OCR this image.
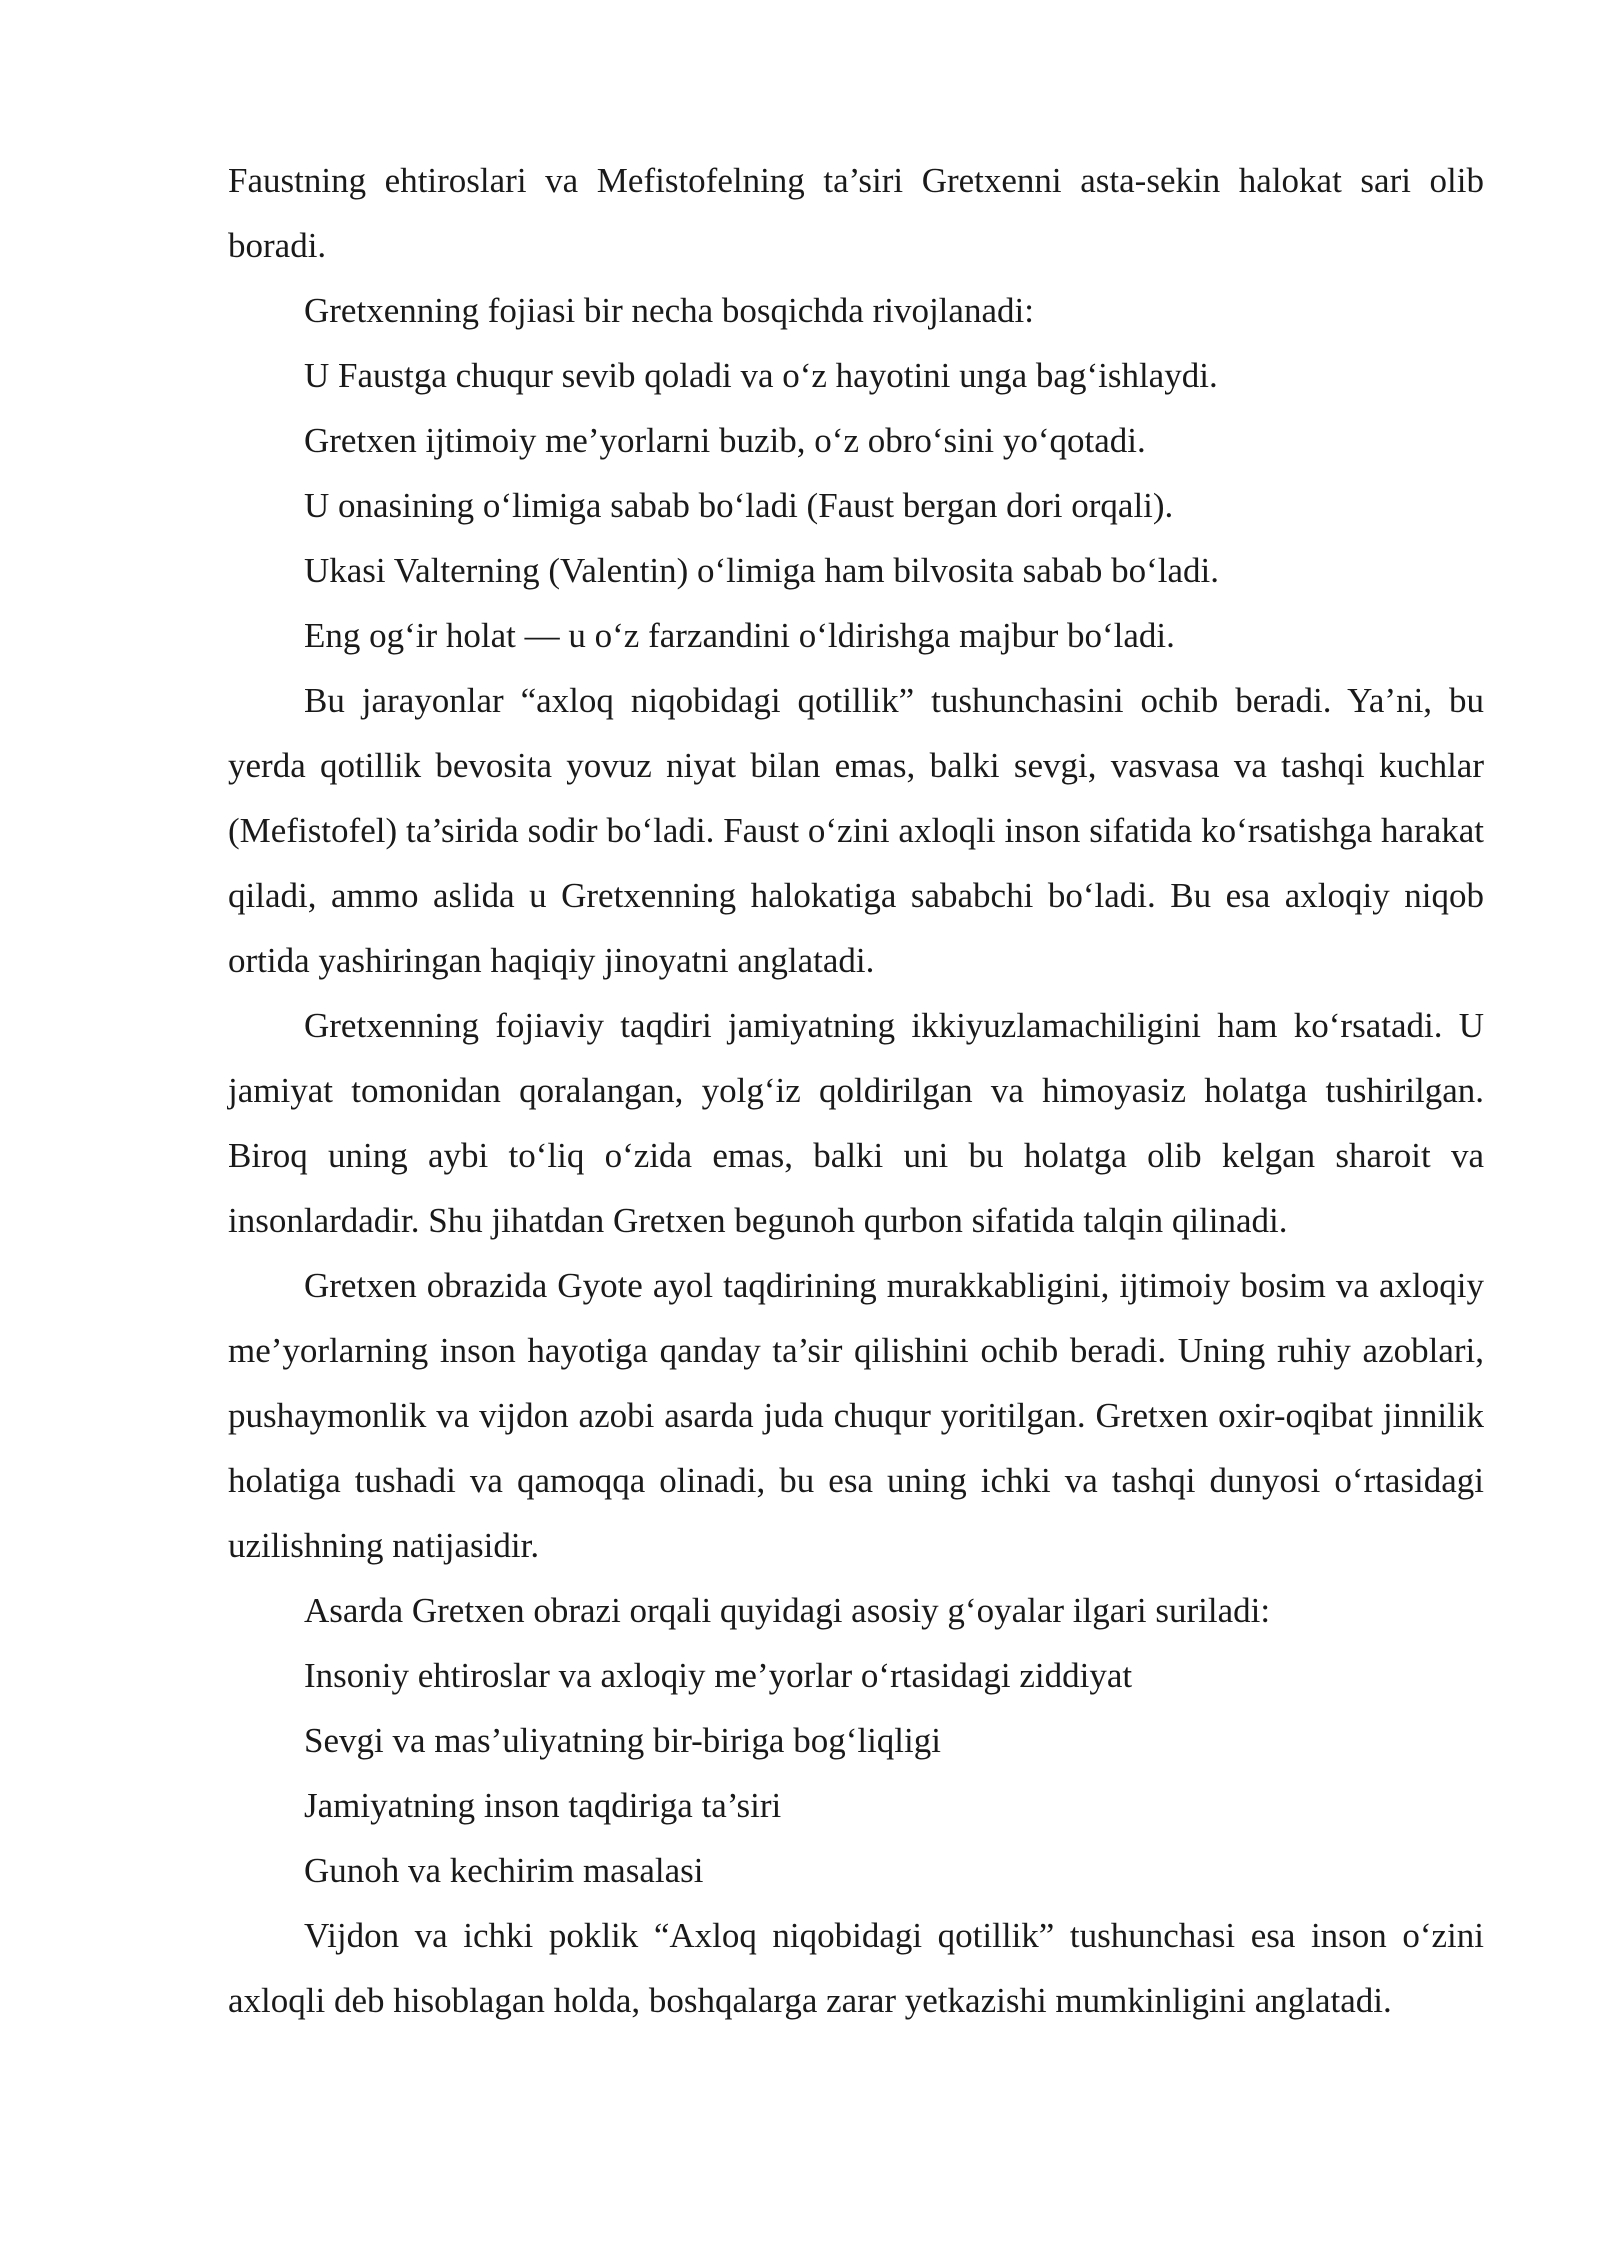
Faustning ehtiroslari va Mefistofelning ta’siri Gretxenni asta-sekin halokat sari olib boradi.

Gretxenning fojiasi bir necha bosqichda rivojlanadi:

U Faustga chuqur sevib qoladi va o‘z hayotini unga bag‘ishlaydi.

Gretxen ijtimoiy me’yorlarni buzib, o‘z obro‘sini yo‘qotadi.

U onasining o‘limiga sabab bo‘ladi (Faust bergan dori orqali).

Ukasi Valterning (Valentin) o‘limiga ham bilvosita sabab bo‘ladi.

Eng og‘ir holat — u o‘z farzandini o‘ldirishga majbur bo‘ladi.

Bu jarayonlar “axloq niqobidagi qotillik” tushunchasini ochib beradi. Ya’ni, bu yerda qotillik bevosita yovuz niyat bilan emas, balki sevgi, vasvasa va tashqi kuchlar (Mefistofel) ta’sirida sodir bo‘ladi. Faust o‘zini axloqli inson sifatida ko‘rsatishga harakat qiladi, ammo aslida u Gretxenning halokatiga sababchi bo‘ladi. Bu esa axloqiy niqob ortida yashiringan haqiqiy jinoyatni anglatadi.

Gretxenning fojiaviy taqdiri jamiyatning ikkiyuzlamachiligini ham ko‘rsatadi. U jamiyat tomonidan qoralangan, yolg‘iz qoldirilgan va himoyasiz holatga tushirilgan. Biroq uning aybi to‘liq o‘zida emas, balki uni bu holatga olib kelgan sharoit va insonlardadir. Shu jihatdan Gretxen begunoh qurbon sifatida talqin qilinadi.

Gretxen obrazida Gyote ayol taqdirining murakkabligini, ijtimoiy bosim va axloqiy me’yorlarning inson hayotiga qanday ta’sir qilishini ochib beradi. Uning ruhiy azoblari, pushaymonlik va vijdon azobi asarda juda chuqur yoritilgan. Gretxen oxir-oqibat jinnilik holatiga tushadi va qamoqqa olinadi, bu esa uning ichki va tashqi dunyosi o‘rtasidagi uzilishning natijasidir.

Asarda Gretxen obrazi orqali quyidagi asosiy g‘oyalar ilgari suriladi:

Insoniy ehtiroslar va axloqiy me’yorlar o‘rtasidagi ziddiyat

Sevgi va mas’uliyatning bir-biriga bog‘liqligi

Jamiyatning inson taqdiriga ta’siri

Gunoh va kechirim masalasi

Vijdon va ichki poklik “Axloq niqobidagi qotillik” tushunchasi esa inson o‘zini axloqli deb hisoblagan holda, boshqalarga zarar yetkazishi mumkinligini anglatadi.
